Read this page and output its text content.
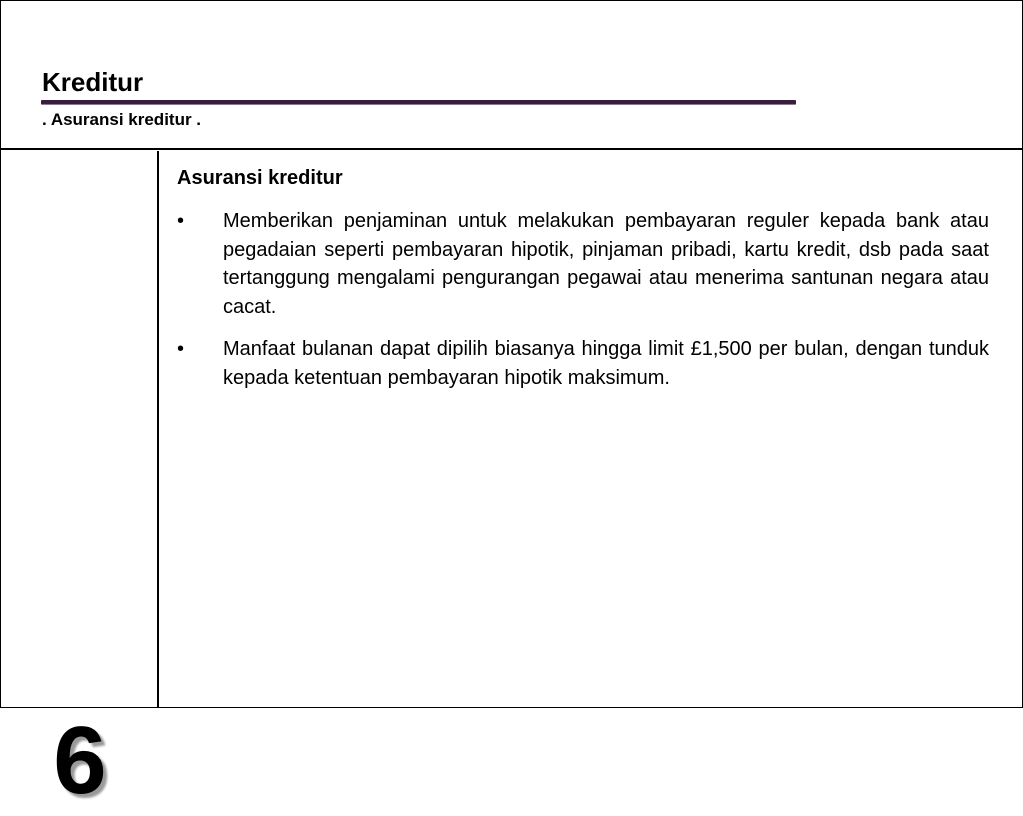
Kreditur
. Asuransi kreditur .
6
Asuransi kreditur
• Memberikan penjaminan untuk melakukan pembayaran reguler kepada bank atau pegadaian seperti pembayaran hipotik, pinjaman pribadi, kartu kredit, dsb pada saat tertanggung mengalami pengurangan pegawai atau menerima santunan negara atau cacat.
• Manfaat bulanan dapat dipilih biasanya hingga limit £1,500 per bulan, dengan tunduk kepada ketentuan pembayaran hipotik maksimum.
